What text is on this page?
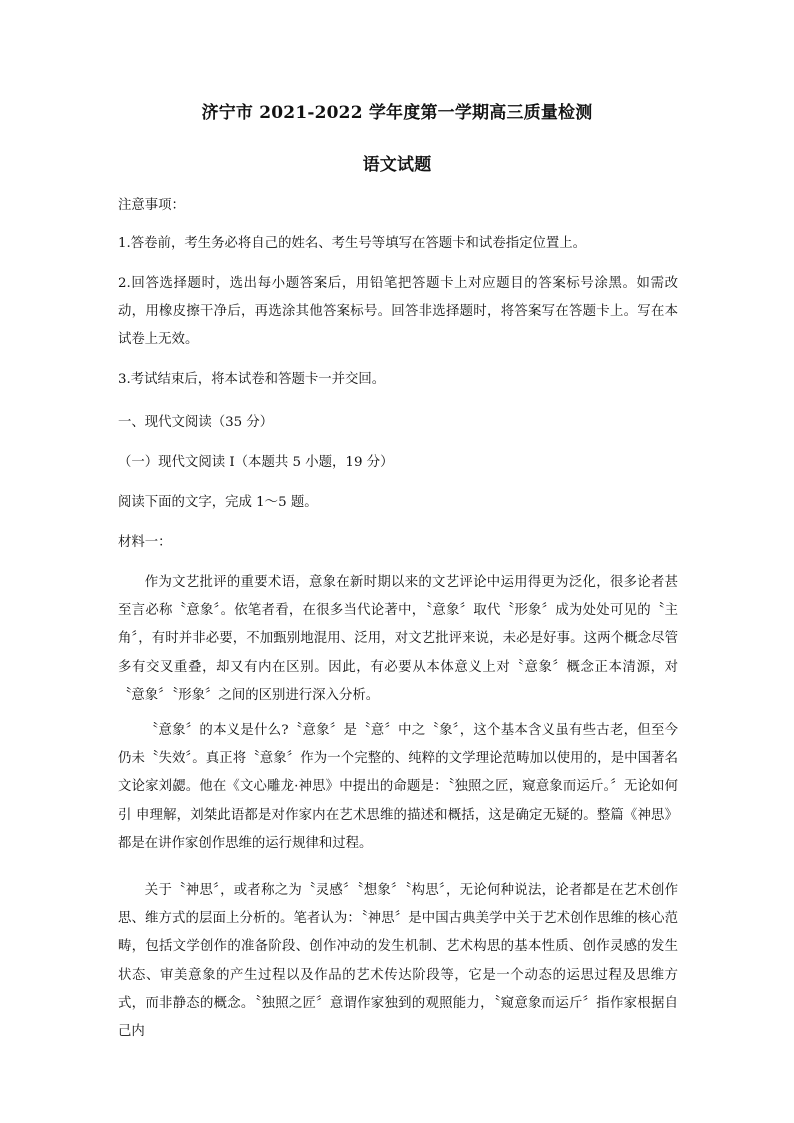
济宁市 2021-2022 学年度第一学期高三质量检测
语文试题
注意事项：

1.答卷前，考生务必将自己的姓名、考生号等填写在答题卡和试卷指定位置上。

2.回答选择题时，选出每小题答案后，用铅笔把答题卡上对应题目的答案标号涂黑。如需改动，用橡皮擦干净后，再选涂其他答案标号。回答非选择题时，将答案写在答题卡上。写在本试卷上无效。

3.考试结束后，将本试卷和答题卡一并交回。

一、现代文阅读（35 分）
（一）现代文阅读 I（本题共 5 小题，19 分）
阅读下面的文字，完成 1～5 题。
材料一：

作为文艺批评的重要术语，意象在新时期以来的文艺评论中运用得更为泛化，很多论者甚至言必称〝意象〞。依笔者看，在很多当代论著中，〝意象〞取代〝形象〞成为处处可见的〝主角〞，有时并非必要，不加甄别地混用、泛用，对文艺批评来说，未必是好事。这两个概念尽管多有交叉重叠，却又有内在区别。因此，有必要从本体意义上对〝意象〞概念正本清源，对〝意象〞〝形象〞之间的区别进行深入分析。

〝意象〞的本义是什么?〝意象〞是〝意〞中之〝象〞，这个基本含义虽有些古老，但至今仍未〝失效〞。真正将〝意象〞作为一个完整的、纯粹的文学理论范畴加以使用的，是中国著名文论家刘勰。他在《文心雕龙·神思》中提出的命题是：〝独照之匠，窥意象而运斤。〞无论如何引 申理解，刘桀此语都是对作家内在艺术思维的描述和概括，这是确定无疑的。整篇《神思》都是在讲作家创作思维的运行规律和过程。

关于〝神思〞，或者称之为〝灵感〞〝想象〞〝构思〞，无论何种说法，论者都是在艺术创作思、维方式的层面上分析的。笔者认为：〝神思〞是中国古典美学中关于艺术创作思维的核心范畴，包括文学创作的准备阶段、创作冲动的发生机制、艺术构思的基本性质、创作灵感的发生状态、审美意象的产生过程以及作品的艺术传达阶段等，它是一个动态的运思过程及思维方式，而非静态的概念。〝独照之匠〞意谓作家独到的观照能力，〝窥意象而运斤〞指作家根据自己内
